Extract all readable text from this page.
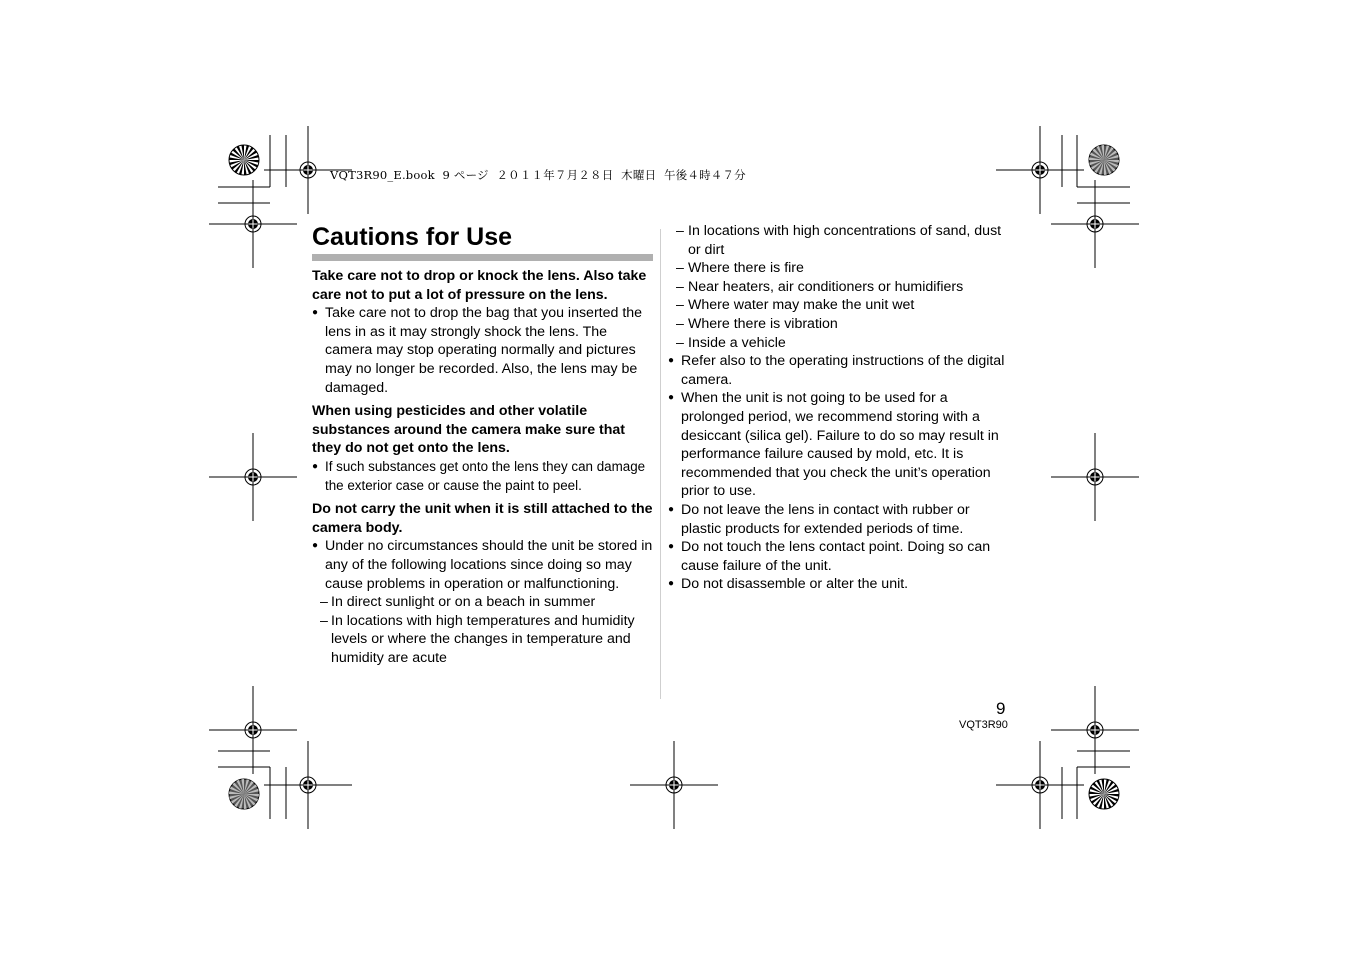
VQT3R90_E.book  9 ページ  ２０１１年７月２８日  木曜日  午後４時４７分
Cautions for Use

Take care not to drop or knock the lens. Also take care not to put a lot of pressure on the lens.

● Take care not to drop the bag that you inserted the lens in as it may strongly shock the lens. The camera may stop operating normally and pictures may no longer be recorded. Also, the lens may be damaged.

When using pesticides and other volatile substances around the camera make sure that they do not get onto the lens.

● If such substances get onto the lens they can damage the exterior case or cause the paint to peel.

Do not carry the unit when it is still attached to the camera body.

● Under no circumstances should the unit be stored in any of the following locations since doing so may cause problems in operation or malfunctioning.
– In direct sunlight or on a beach in summer
– In locations with high temperatures and humidity levels or where the changes in temperature and humidity are acute
– In locations with high concentrations of sand, dust or dirt
– Where there is fire
– Near heaters, air conditioners or humidifiers
– Where water may make the unit wet
– Where there is vibration
– Inside a vehicle
● Refer also to the operating instructions of the digital camera.
● When the unit is not going to be used for a prolonged period, we recommend storing with a desiccant (silica gel). Failure to do so may result in performance failure caused by mold, etc. It is recommended that you check the unit’s operation prior to use.
● Do not leave the lens in contact with rubber or plastic products for extended periods of time.
● Do not touch the lens contact point. Doing so can cause failure of the unit.
● Do not disassemble or alter the unit.
9
VQT3R90
